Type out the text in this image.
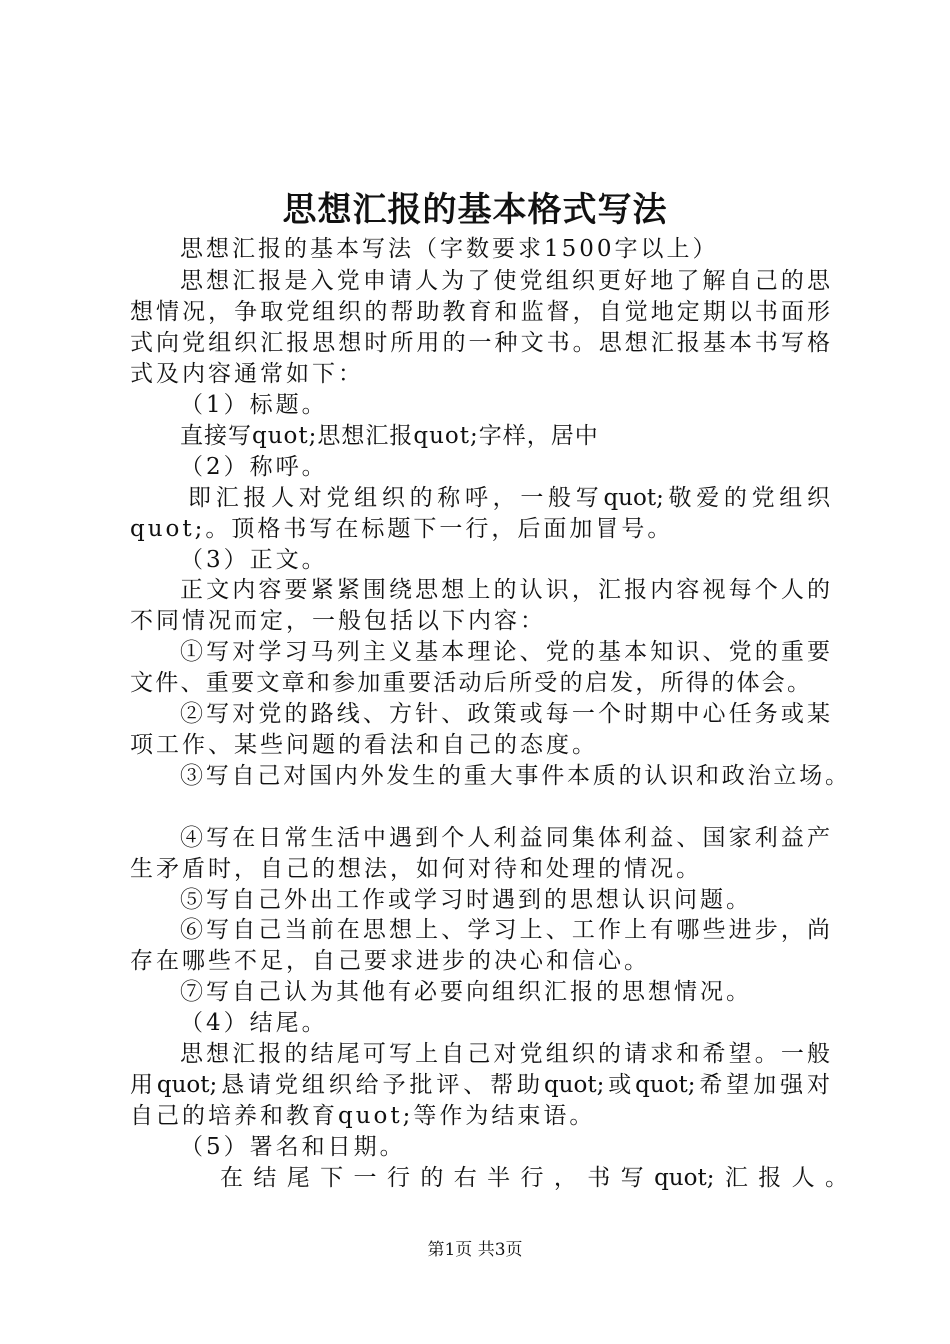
思想汇报的基本格式写法
思想汇报的基本写法（字数要求1500字以上）
思想汇报是入党申请人为了使党组织更好地了解自己的思
想情况，争取党组织的帮助教育和监督，自觉地定期以书面形
式向党组织汇报思想时所用的一种文书。思想汇报基本书写格
式及内容通常如下：
（1）标题。
直接写quot;思想汇报quot;字样，居中
（2）称呼。
即汇报人对党组织的称呼，一般写quot;敬爱的党组织
quot;。顶格书写在标题下一行，后面加冒号。
（3）正文。
正文内容要紧紧围绕思想上的认识，汇报内容视每个人的
不同情况而定，一般包括以下内容：
①写对学习马列主义基本理论、党的基本知识、党的重要
文件、重要文章和参加重要活动后所受的启发，所得的体会。
②写对党的路线、方针、政策或每一个时期中心任务或某
项工作、某些问题的看法和自己的态度。
③写自己对国内外发生的重大事件本质的认识和政治立场。
④写在日常生活中遇到个人利益同集体利益、国家利益产
生矛盾时，自己的想法，如何对待和处理的情况。
⑤写自己外出工作或学习时遇到的思想认识问题。
⑥写自己当前在思想上、学习上、工作上有哪些进步，尚
存在哪些不足，自己要求进步的决心和信心。
⑦写自己认为其他有必要向组织汇报的思想情况。
（4）结尾。
思想汇报的结尾可写上自己对党组织的请求和希望。一般
用quot;恳请党组织给予批评、帮助quot;或quot;希望加强对
自己的培养和教育quot;等作为结束语。
（5）署名和日期。
在结尾下一行的右半行，书写quot;汇报人。
第1页 共3页
